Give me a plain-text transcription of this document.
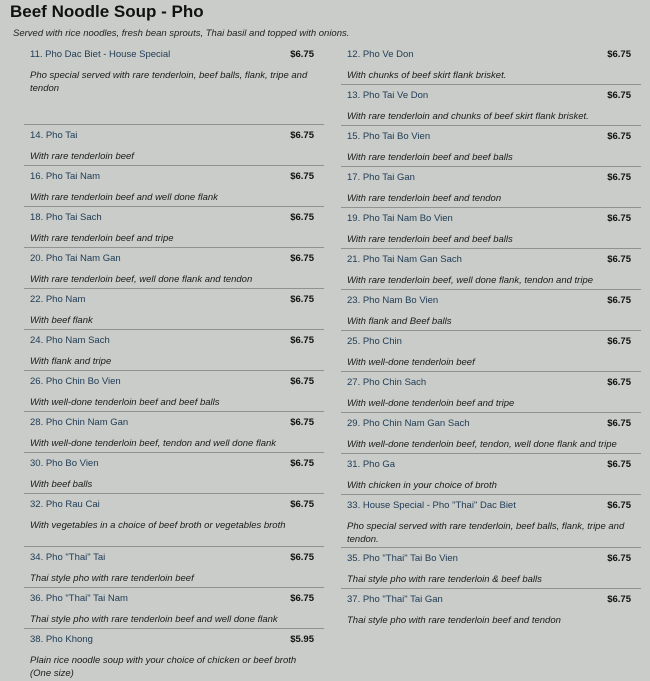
Beef Noodle Soup - Pho
Served with rice noodles, fresh bean sprouts, Thai basil and topped with onions.
11. Pho Dac Biet - House Special	$6.75
Pho special served with rare tenderloin, beef balls, flank, tripe and tendon
14. Pho Tai	$6.75
With rare tenderloin beef
16. Pho Tai Nam	$6.75
With rare tenderloin beef and well done flank
18. Pho Tai Sach	$6.75
With rare tenderloin beef and tripe
20. Pho Tai Nam Gan	$6.75
With rare tenderloin beef, well done flank and tendon
22. Pho Nam	$6.75
With beef flank
24. Pho Nam Sach	$6.75
With flank and tripe
26. Pho Chin Bo Vien	$6.75
With well-done tenderloin beef and beef balls
28. Pho Chin Nam Gan	$6.75
With well-done tenderloin beef, tendon and well done flank
30. Pho Bo Vien	$6.75
With beef balls
32. Pho Rau Cai	$6.75
With vegetables in a choice of beef broth or vegetables broth
34. Pho "Thai" Tai	$6.75
Thai style pho with rare tenderloin beef
36. Pho "Thai" Tai Nam	$6.75
Thai style pho with rare tenderloin beef and well done flank
38. Pho Khong	$5.95
Plain rice noodle soup with your choice of chicken or beef broth (One size)
12. Pho Ve Don	$6.75
With chunks of beef skirt flank brisket.
13. Pho Tai Ve Don	$6.75
With rare tenderloin and chunks of beef skirt flank brisket.
15. Pho Tai Bo Vien	$6.75
With rare tenderloin beef and beef balls
17. Pho Tai Gan	$6.75
With rare tenderloin beef and tendon
19. Pho Tai Nam Bo Vien	$6.75
With rare tenderloin beef and beef balls
21. Pho Tai Nam Gan Sach	$6.75
With rare tenderloin beef, well done flank, tendon and tripe
23. Pho Nam Bo Vien	$6.75
With flank and Beef balls
25. Pho Chin	$6.75
With well-done tenderloin beef
27. Pho Chin Sach	$6.75
With well-done tenderloin beef and tripe
29. Pho Chin Nam Gan Sach	$6.75
With well-done tenderloin beef, tendon, well done flank and tripe
31. Pho Ga	$6.75
With chicken in your choice of broth
33. House Special - Pho "Thai" Dac Biet	$6.75
Pho special served with rare tenderloin, beef balls, flank, tripe and tendon.
35. Pho "Thai" Tai Bo Vien	$6.75
Thai style pho with rare tenderloin & beef balls
37. Pho "Thai" Tai Gan	$6.75
Thai style pho with rare tenderloin beef and tendon
